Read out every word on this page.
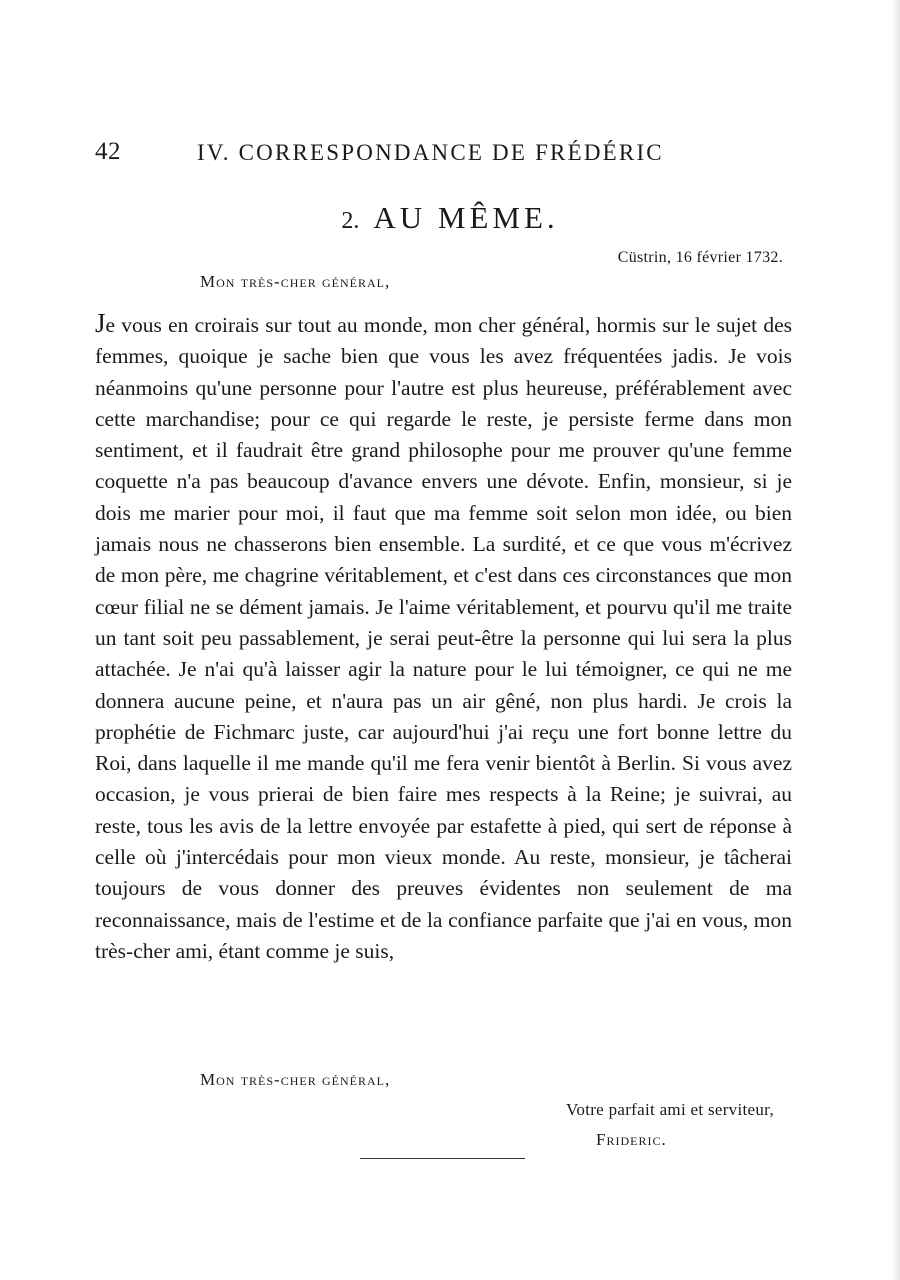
42	IV. CORRESPONDANCE DE FRÉDÉRIC
2. AU MÊME.
Cüstrin, 16 février 1732.
Mon très-cher général,
Je vous en croirais sur tout au monde, mon cher général, hormis sur le sujet des femmes, quoique je sache bien que vous les avez fréquentées jadis. Je vois néanmoins qu'une personne pour l'autre est plus heureuse, préférablement avec cette marchandise; pour ce qui regarde le reste, je persiste ferme dans mon sentiment, et il faudrait être grand philosophe pour me prouver qu'une femme coquette n'a pas beaucoup d'avance envers une dévote. Enfin, monsieur, si je dois me marier pour moi, il faut que ma femme soit selon mon idée, ou bien jamais nous ne chasserons bien ensemble. La surdité, et ce que vous m'écrivez de mon père, me chagrine véritablement, et c'est dans ces circonstances que mon cœur filial ne se dément jamais. Je l'aime véritablement, et pourvu qu'il me traite un tant soit peu passablement, je serai peut-être la personne qui lui sera la plus attachée. Je n'ai qu'à laisser agir la nature pour le lui témoigner, ce qui ne me donnera aucune peine, et n'aura pas un air gêné, non plus hardi. Je crois la prophétie de Fichmarc juste, car aujourd'hui j'ai reçu une fort bonne lettre du Roi, dans laquelle il me mande qu'il me fera venir bientôt à Berlin. Si vous avez occasion, je vous prierai de bien faire mes respects à la Reine; je suivrai, au reste, tous les avis de la lettre envoyée par estafette à pied, qui sert de réponse à celle où j'intercédais pour mon vieux monde. Au reste, monsieur, je tâcherai toujours de vous donner des preuves évidentes non seulement de ma reconnaissance, mais de l'estime et de la confiance parfaite que j'ai en vous, mon très-cher ami, étant comme je suis,
Mon très-cher général,
Votre parfait ami et serviteur,
Frideric.
